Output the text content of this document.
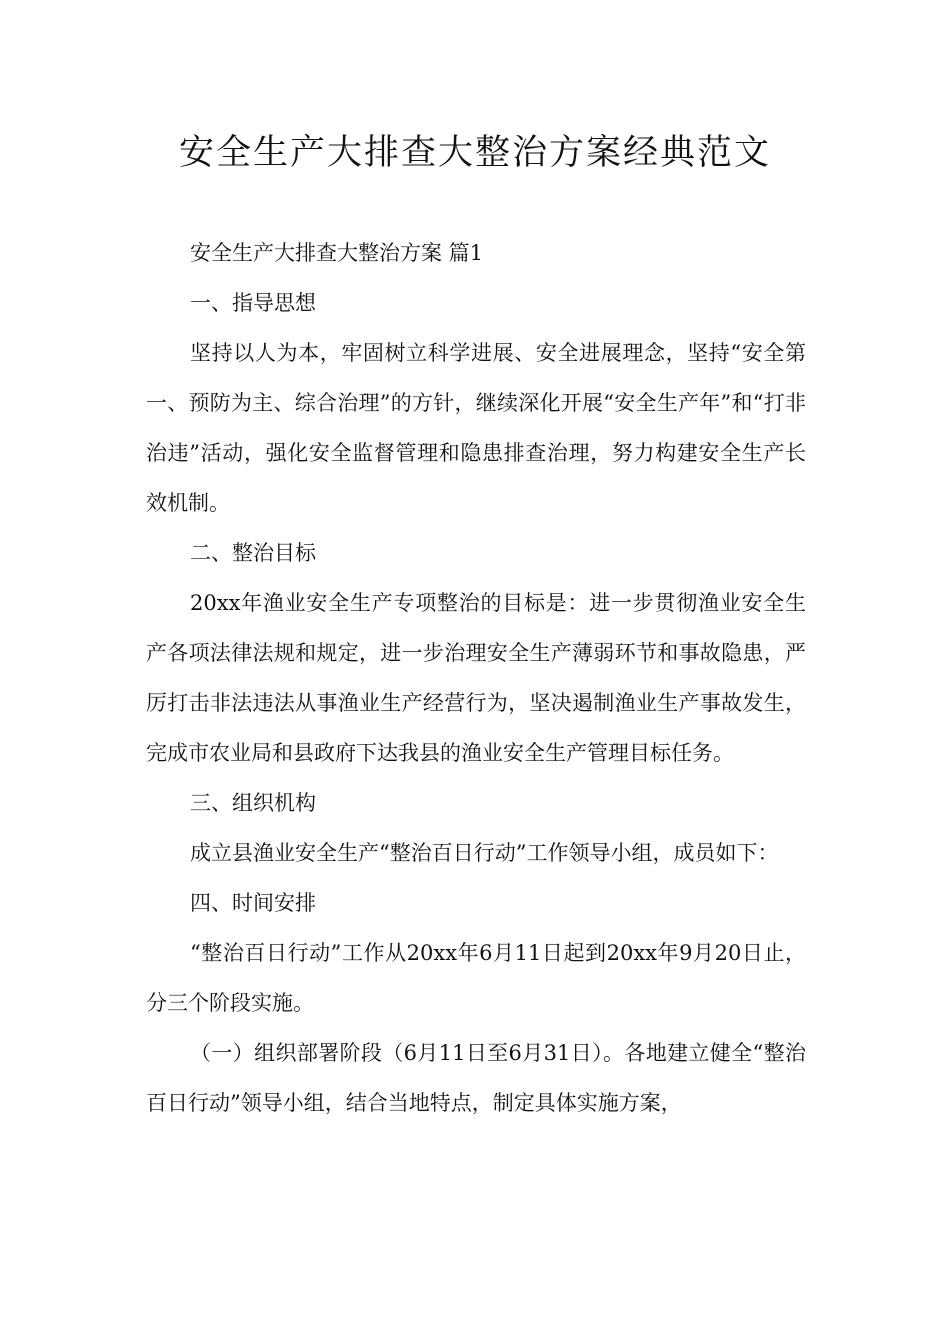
安全生产大排查大整治方案经典范文

安全生产大排查大整治方案 篇1

一、指导思想

坚持以人为本，牢固树立科学进展、安全进展理念，坚持“安全第一、预防为主、综合治理”的方针，继续深化开展“安全生产年”和“打非治违”活动，强化安全监督管理和隐患排查治理，努力构建安全生产长效机制。

二、整治目标

20xx年渔业安全生产专项整治的目标是：进一步贯彻渔业安全生产各项法律法规和规定，进一步治理安全生产薄弱环节和事故隐患，严厉打击非法违法从事渔业生产经营行为，坚决遏制渔业生产事故发生，完成市农业局和县政府下达我县的渔业安全生产管理目标任务。

三、组织机构

成立县渔业安全生产“整治百日行动”工作领导小组，成员如下：

四、时间安排

“整治百日行动”工作从20xx年6月11日起到20xx年9月20日止，分三个阶段实施。

（一）组织部署阶段（6月11日至6月31日）。各地建立健全“整治百日行动”领导小组，结合当地特点，制定具体实施方案，
